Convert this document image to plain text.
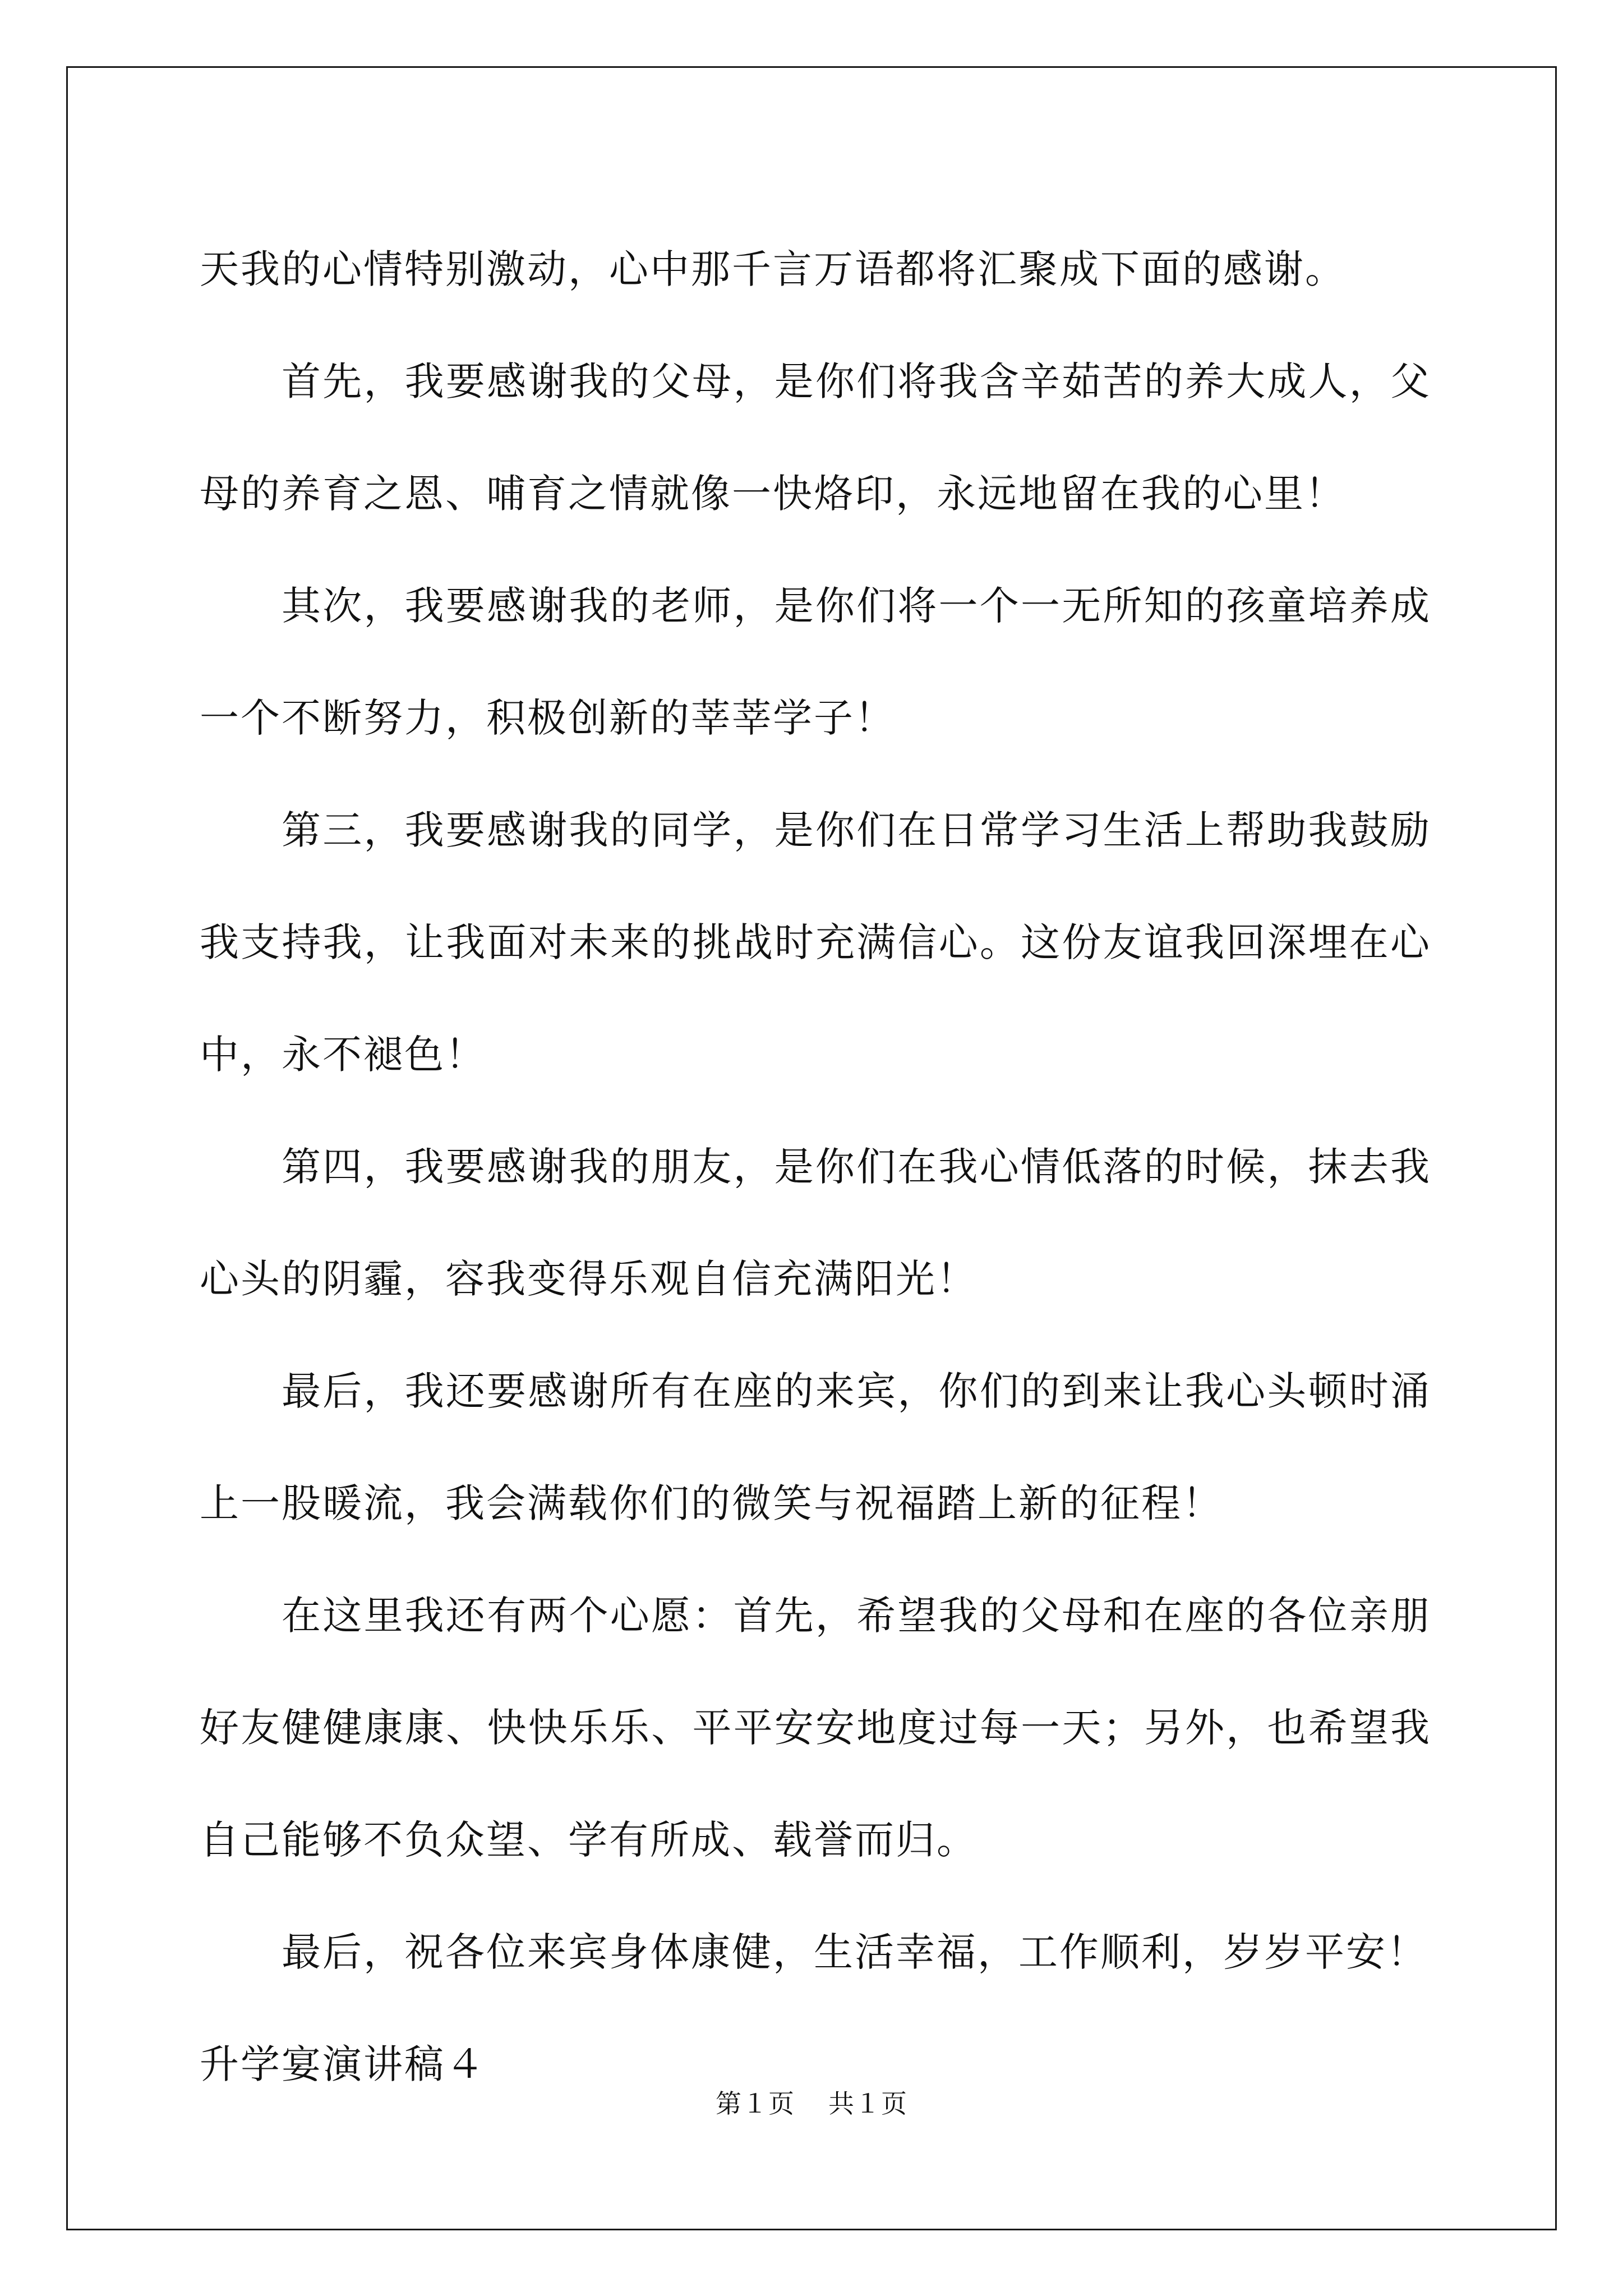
天我的心情特别激动，心中那千言万语都将汇聚成下面的感谢。

首先，我要感谢我的父母，是你们将我含辛茹苦的养大成人，父母的养育之恩、哺育之情就像一快烙印，永远地留在我的心里！

其次，我要感谢我的老师，是你们将一个一无所知的孩童培养成一个不断努力，积极创新的莘莘学子！

第三，我要感谢我的同学，是你们在日常学习生活上帮助我鼓励我支持我，让我面对未来的挑战时充满信心。这份友谊我回深埋在心中，永不褪色！

第四，我要感谢我的朋友，是你们在我心情低落的时候，抹去我心头的阴霾，容我变得乐观自信充满阳光！

最后，我还要感谢所有在座的来宾，你们的到来让我心头顿时涌上一股暖流，我会满载你们的微笑与祝福踏上新的征程！

在这里我还有两个心愿：首先，希望我的父母和在座的各位亲朋好友健健康康、快快乐乐、平平安安地度过每一天；另外，也希望我自己能够不负众望、学有所成、载誉而归。

最后，祝各位来宾身体康健，生活幸福，工作顺利，岁岁平安！

升学宴演讲稿４

第１页 共１页
